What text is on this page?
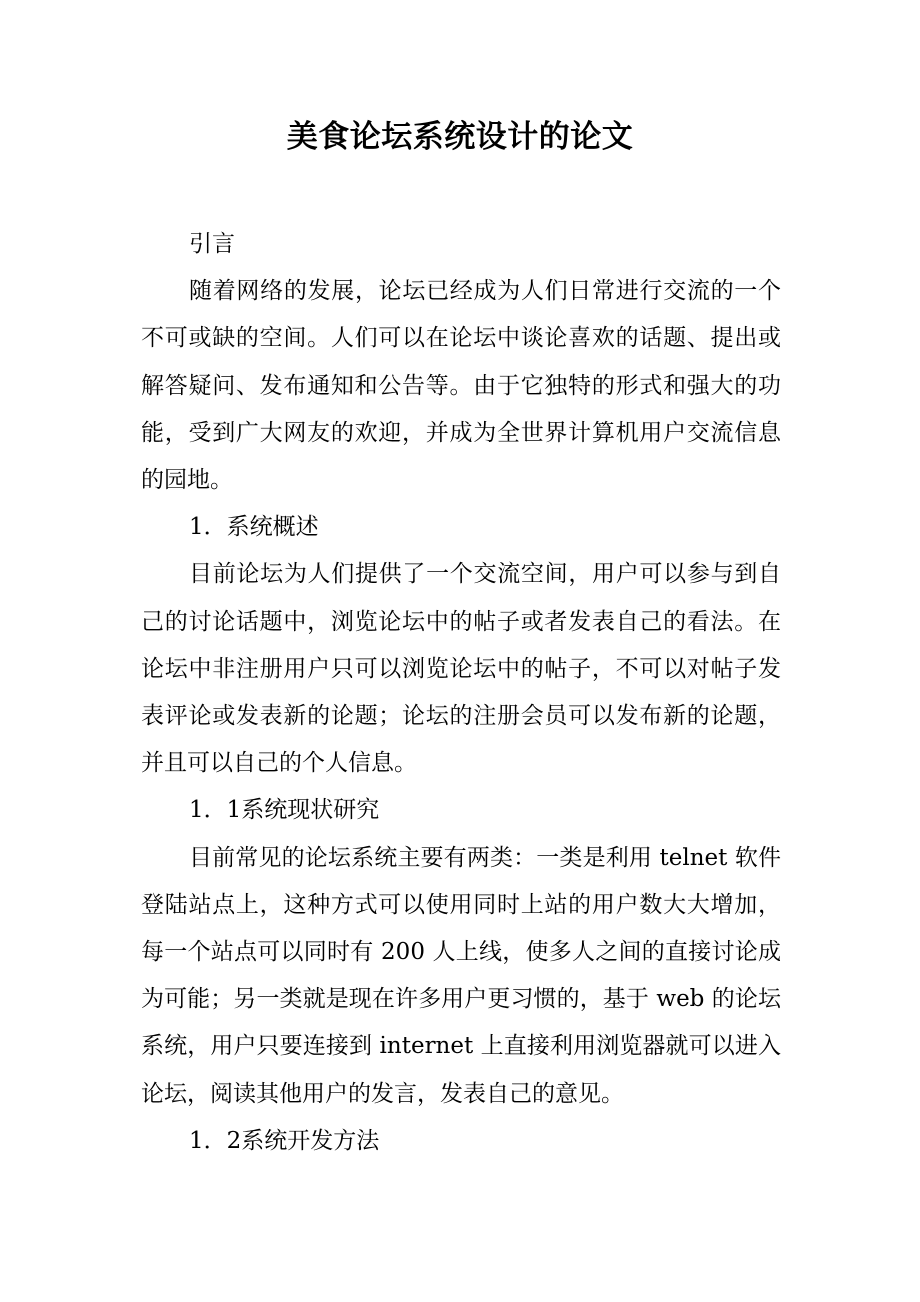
美食论坛系统设计的论文

引言

随着网络的发展，论坛已经成为人们日常进行交流的一个不可或缺的空间。人们可以在论坛中谈论喜欢的话题、提出或解答疑问、发布通知和公告等。由于它独特的形式和强大的功能，受到广大网友的欢迎，并成为全世界计算机用户交流信息的园地。

1．系统概述

目前论坛为人们提供了一个交流空间，用户可以参与到自己的讨论话题中，浏览论坛中的帖子或者发表自己的看法。在论坛中非注册用户只可以浏览论坛中的帖子，不可以对帖子发表评论或发表新的论题；论坛的注册会员可以发布新的论题，并且可以自己的个人信息。

1．1系统现状研究

目前常见的论坛系统主要有两类：一类是利用 telnet 软件登陆站点上，这种方式可以使用同时上站的用户数大大增加，每一个站点可以同时有 200 人上线，使多人之间的直接讨论成为可能；另一类就是现在许多用户更习惯的，基于 web 的论坛系统，用户只要连接到 internet 上直接利用浏览器就可以进入论坛，阅读其他用户的发言，发表自己的意见。

1．2系统开发方法
